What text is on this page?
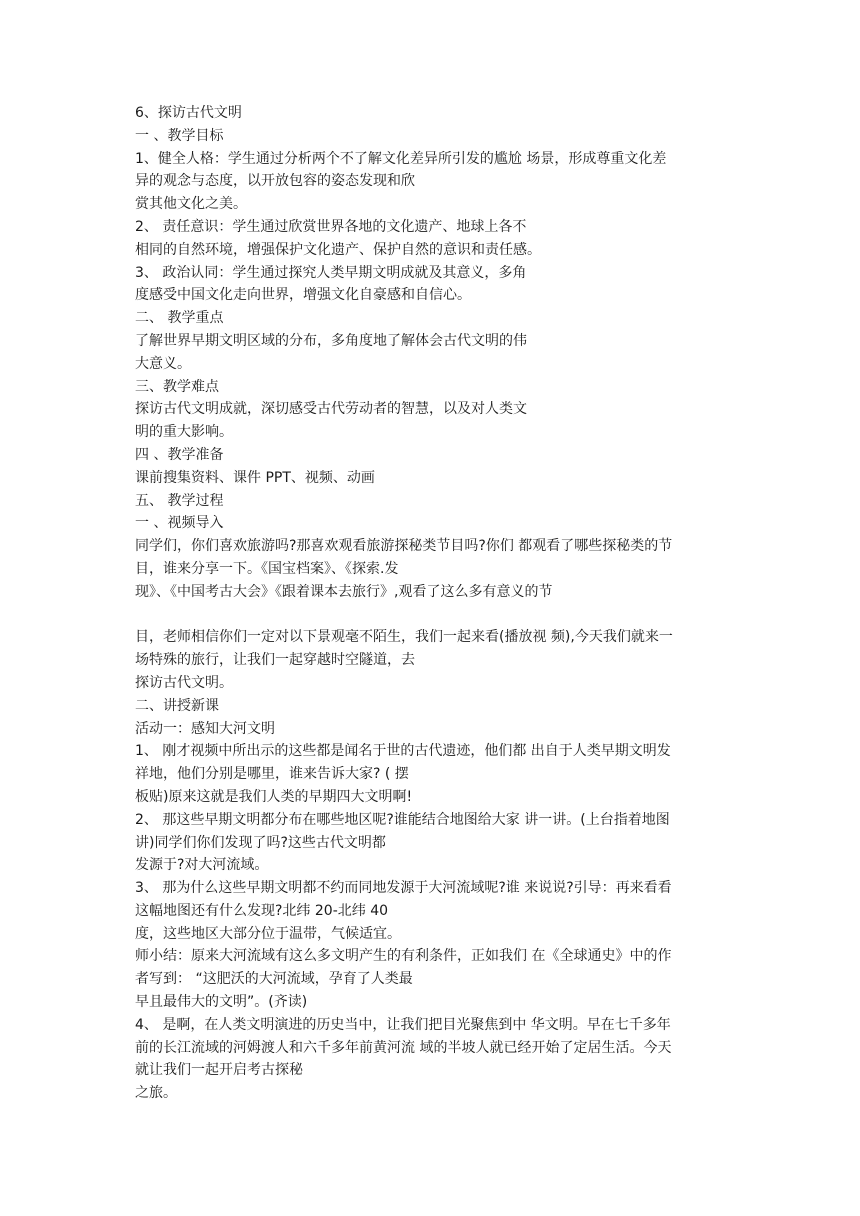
6、探访古代文明
一 、教学目标
1、健全人格：学生通过分析两个不了解文化差异所引发的尴尬 场景，形成尊重文化差
异的观念与态度，以开放包容的姿态发现和欣
赏其他文化之美。
2、 责任意识：学生通过欣赏世界各地的文化遗产、地球上各不
相同的自然环境，增强保护文化遗产、保护自然的意识和责任感。
3、 政治认同：学生通过探究人类早期文明成就及其意义，多角
度感受中国文化走向世界，增强文化自豪感和自信心。
二、 教学重点
了解世界早期文明区域的分布，多角度地了解体会古代文明的伟
大意义。
三、教学难点
探访古代文明成就，深切感受古代劳动者的智慧，以及对人类文
明的重大影响。
四 、教学准备
课前搜集资料、课件 PPT、视频、动画
五、 教学过程
一 、视频导入
同学们，你们喜欢旅游吗?那喜欢观看旅游探秘类节目吗?你们 都观看了哪些探秘类的节
目，谁来分享一下。《国宝档案》、《探索.发
现》、《中国考古大会》《跟着课本去旅行》,观看了这么多有意义的节
目，老师相信你们一定对以下景观毫不陌生，我们一起来看(播放视 频),今天我们就来一
场特殊的旅行，让我们一起穿越时空隧道，去
探访古代文明。
二、讲授新课
活动一：感知大河文明
1、 刚才视频中所出示的这些都是闻名于世的古代遗迹，他们都 出自于人类早期文明发
祥地，他们分别是哪里，谁来告诉大家? ( 摆
板贴)原来这就是我们人类的早期四大文明啊!
2、 那这些早期文明都分布在哪些地区呢?谁能结合地图给大家 讲一讲。(上台指着地图
讲)同学们你们发现了吗?这些古代文明都
发源于?对大河流域。
3、 那为什么这些早期文明都不约而同地发源于大河流域呢?谁 来说说?引导：再来看看
这幅地图还有什么发现?北纬 20-北纬 40
度，这些地区大部分位于温带，气候适宜。
师小结：原来大河流域有这么多文明产生的有利条件，正如我们 在《全球通史》中的作
者写到： “这肥沃的大河流域，孕育了人类最
早且最伟大的文明”。(齐读)
4、 是啊，在人类文明演进的历史当中，让我们把目光聚焦到中 华文明。早在七千多年
前的长江流域的河姆渡人和六千多年前黄河流 域的半坡人就已经开始了定居生活。今天
就让我们一起开启考古探秘
之旅。
